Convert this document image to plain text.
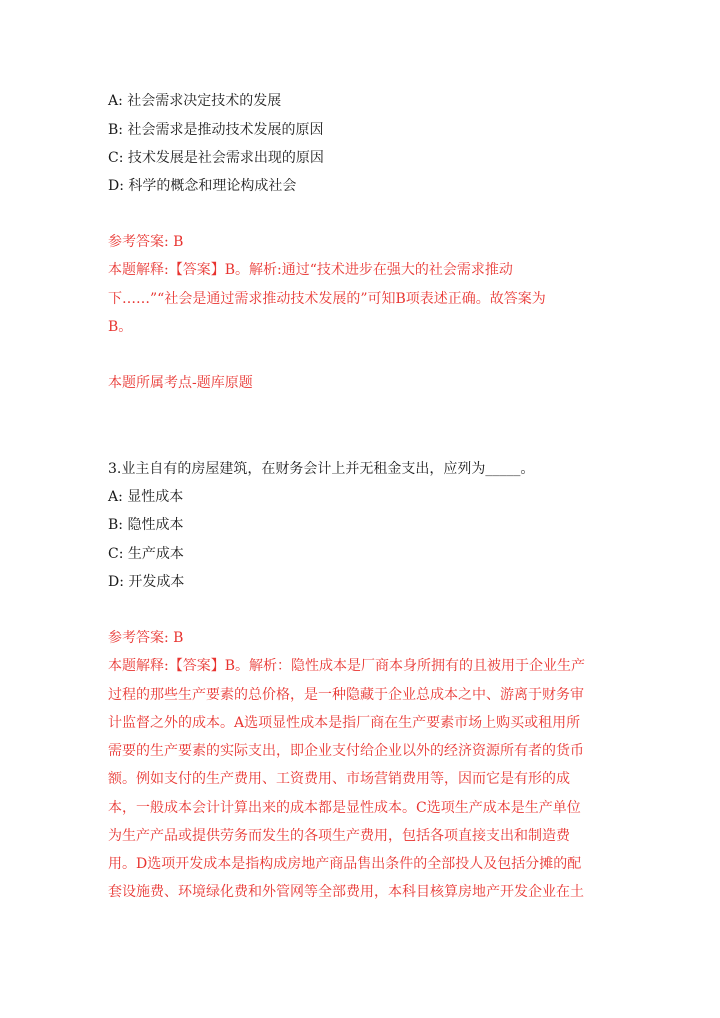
A: 社会需求决定技术的发展
B: 社会需求是推动技术发展的原因
C: 技术发展是社会需求出现的原因
D: 科学的概念和理论构成社会
参考答案: B
本题解释:【答案】B。解析:通过“技术进步在强大的社会需求推动
下……”“社会是通过需求推动技术发展的”可知B项表述正确。故答案为
B。
本题所属考点-题库原题
3.业主自有的房屋建筑，在财务会计上并无租金支出，应列为_____。
A: 显性成本
B: 隐性成本
C: 生产成本
D: 开发成本
参考答案: B
本题解释:【答案】B。解析：隐性成本是厂商本身所拥有的且被用于企业生产
过程的那些生产要素的总价格，是一种隐藏于企业总成本之中、游离于财务审
计监督之外的成本。A选项显性成本是指厂商在生产要素市场上购买或租用所
需要的生产要素的实际支出，即企业支付给企业以外的经济资源所有者的货币
额。例如支付的生产费用、工资费用、市场营销费用等，因而它是有形的成
本，一般成本会计计算出来的成本都是显性成本。C选项生产成本是生产单位
为生产产品或提供劳务而发生的各项生产费用，包括各项直接支出和制造费
用。D选项开发成本是指构成房地产商品售出条件的全部投人及包括分摊的配
套设施费、环境绿化费和外管网等全部费用，本科目核算房地产开发企业在土
